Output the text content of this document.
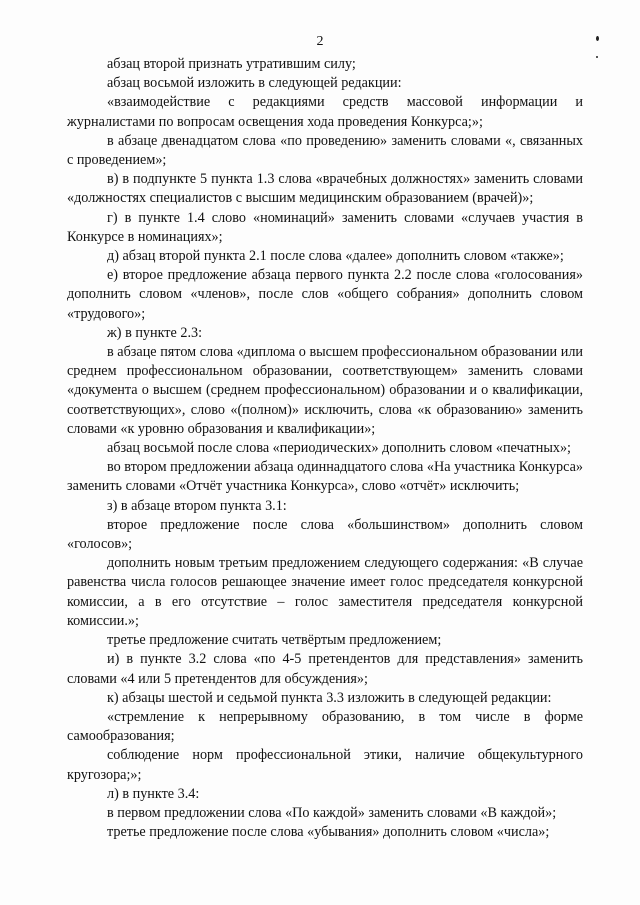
2

абзац второй признать утратившим силу;

абзац восьмой изложить в следующей редакции:

«взаимодействие с редакциями средств массовой информации и журналистами по вопросам освещения хода проведения Конкурса;»;

в абзаце двенадцатом слова «по проведению» заменить словами «, связанных с проведением»;

в) в подпункте 5 пункта 1.3 слова «врачебных должностях» заменить словами «должностях специалистов с высшим медицинским образованием (врачей)»;

г) в пункте 1.4 слово «номинаций» заменить словами «случаев участия в Конкурсе в номинациях»;

д) абзац второй пункта 2.1 после слова «далее» дополнить словом «также»;

е) второе предложение абзаца первого пункта 2.2 после слова «голосования» дополнить словом «членов», после слов «общего собрания» дополнить словом «трудового»;

ж) в пункте 2.3:

в абзаце пятом слова «диплома о высшем профессиональном образовании или среднем профессиональном образовании, соответствующем» заменить словами «документа о высшем (среднем профессиональном) образовании и о квалификации, соответствующих», слово «(полном)» исключить, слова «к образованию» заменить словами «к уровню образования и квалификации»;

абзац восьмой после слова «периодических» дополнить словом «печатных»;

во втором предложении абзаца одиннадцатого слова «На участника Конкурса» заменить словами «Отчёт участника Конкурса», слово «отчёт» исключить;

з) в абзаце втором пункта 3.1:

второе предложение после слова «большинством» дополнить словом «голосов»;

дополнить новым третьим предложением следующего содержания: «В случае равенства числа голосов решающее значение имеет голос председателя конкурсной комиссии, а в его отсутствие – голос заместителя председателя конкурсной комиссии.»;

третье предложение считать четвёртым предложением;

и) в пункте 3.2 слова «по 4-5 претендентов для представления» заменить словами «4 или 5 претендентов для обсуждения»;

к) абзацы шестой и седьмой пункта 3.3 изложить в следующей редакции:

«стремление к непрерывному образованию, в том числе в форме самообразования;

соблюдение норм профессиональной этики, наличие общекультурного кругозора;»;

л) в пункте 3.4:

в первом предложении слова «По каждой» заменить словами «В каждой»;

третье предложение после слова «убывания» дополнить словом «числа»;
